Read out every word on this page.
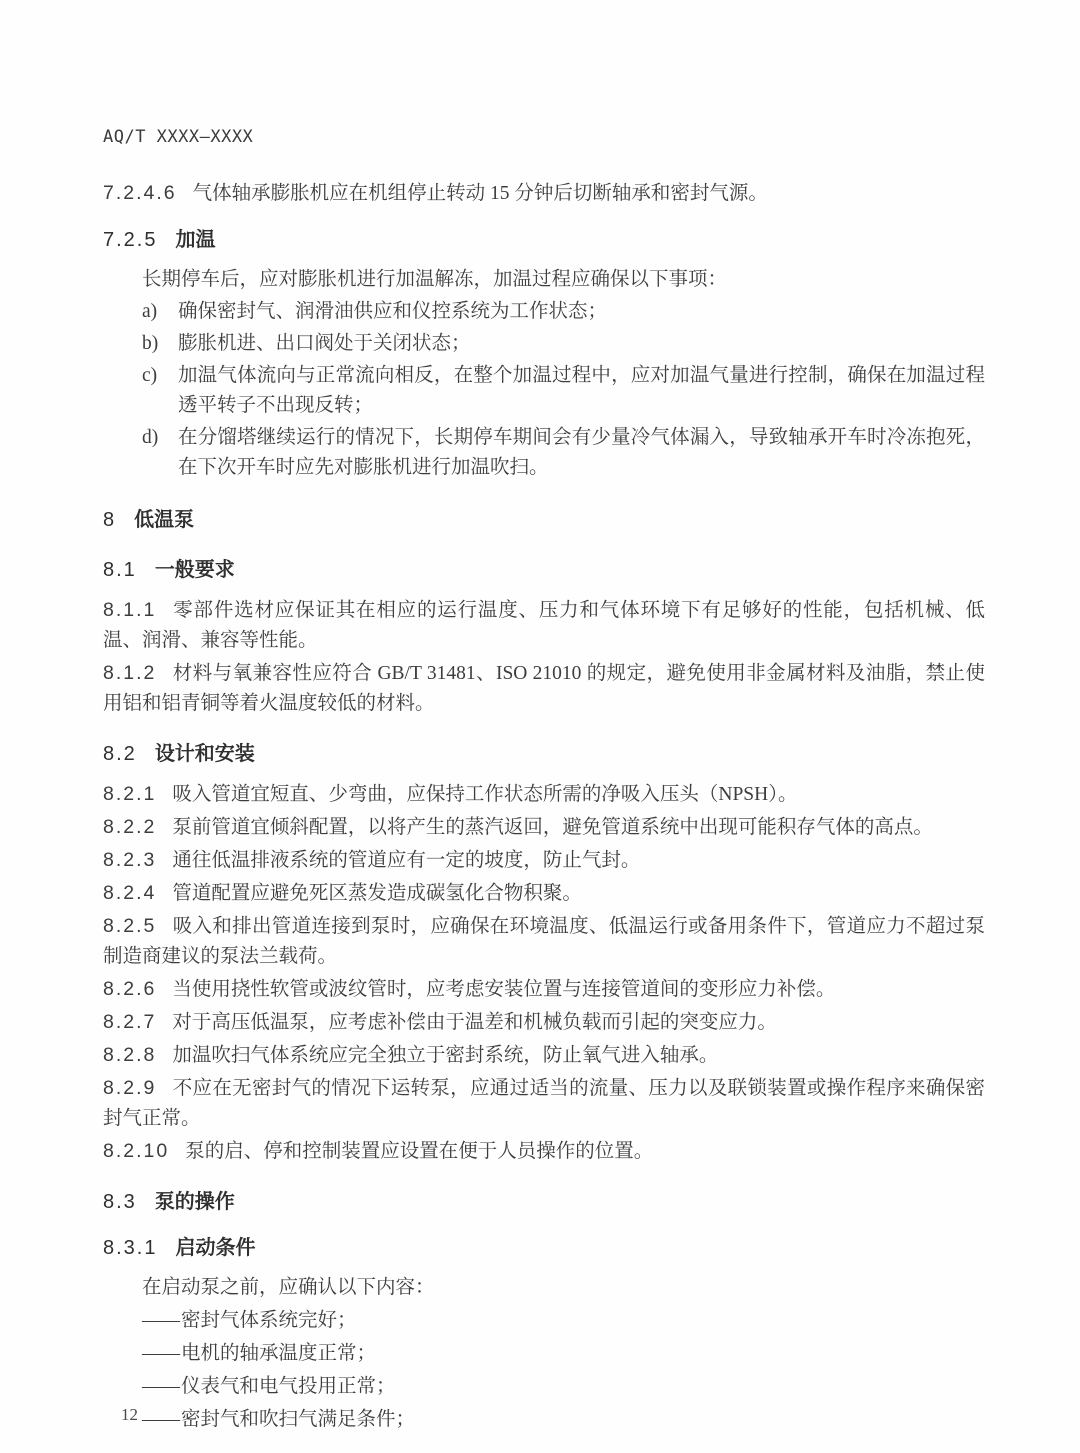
AQ/T XXXX—XXXX

7.2.4.6 气体轴承膨胀机应在机组停止转动 15 分钟后切断轴承和密封气源。

7.2.5 加温

长期停车后，应对膨胀机进行加温解冻，加温过程应确保以下事项：

a)	确保密封气、润滑油供应和仪控系统为工作状态；
b)	膨胀机进、出口阀处于关闭状态；
c)	加温气体流向与正常流向相反，在整个加温过程中，应对加温气量进行控制，确保在加温过程透平转子不出现反转；
d)	在分馏塔继续运行的情况下，长期停车期间会有少量冷气体漏入，导致轴承开车时冷冻抱死，在下次开车时应先对膨胀机进行加温吹扫。
8 低温泵
8.1 一般要求

8.1.1 零部件选材应保证其在相应的运行温度、压力和气体环境下有足够好的性能，包括机械、低温、润滑、兼容等性能。

8.1.2 材料与氧兼容性应符合 GB/T 31481、ISO 21010 的规定，避免使用非金属材料及油脂，禁止使用铝和铝青铜等着火温度较低的材料。

8.2 设计和安装

8.2.1 吸入管道宜短直、少弯曲，应保持工作状态所需的净吸入压头（NPSH）。

8.2.2 泵前管道宜倾斜配置，以将产生的蒸汽返回，避免管道系统中出现可能积存气体的高点。

8.2.3 通往低温排液系统的管道应有一定的坡度，防止气封。

8.2.4 管道配置应避免死区蒸发造成碳氢化合物积聚。

8.2.5 吸入和排出管道连接到泵时，应确保在环境温度、低温运行或备用条件下，管道应力不超过泵制造商建议的泵法兰载荷。

8.2.6 当使用挠性软管或波纹管时，应考虑安装位置与连接管道间的变形应力补偿。

8.2.7 对于高压低温泵，应考虑补偿由于温差和机械负载而引起的突变应力。

8.2.8 加温吹扫气体系统应完全独立于密封系统，防止氧气进入轴承。

8.2.9 不应在无密封气的情况下运转泵，应通过适当的流量、压力以及联锁装置或操作程序来确保密封气正常。

8.2.10 泵的启、停和控制装置应设置在便于人员操作的位置。

8.3 泵的操作
8.3.1 启动条件

在启动泵之前，应确认以下内容：

—— 密封气体系统完好；

—— 电机的轴承温度正常；

—— 仪表气和电气投用正常；

—— 密封气和吹扫气满足条件；

12
